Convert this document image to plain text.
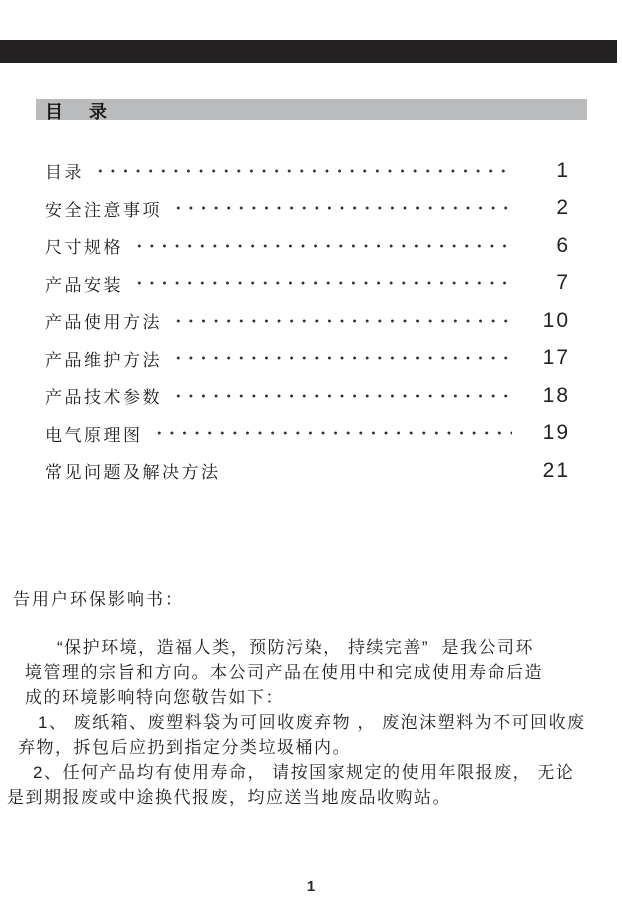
目　录
目录	1
安全注意事项	2
尺寸规格	6
产品安装	7
产品使用方法	10
产品维护方法	17
产品技术参数	18
电气原理图	19
常见问题及解决方法	21
告用户环保影响书：
“保护环境，造福人类，预防污染， 持续完善”  是我公司环
境管理的宗旨和方向。本公司产品在使用中和完成使用寿命后造
成的环境影响特向您敬告如下：
1、 废纸箱、废塑料袋为可回收废弃物 ， 废泡沫塑料为不可回收废
弃物，拆包后应扔到指定分类垃圾桶内。
2、任何产品均有使用寿命， 请按国家规定的使用年限报废， 无论
是到期报废或中途换代报废，均应送当地废品收购站。
1
